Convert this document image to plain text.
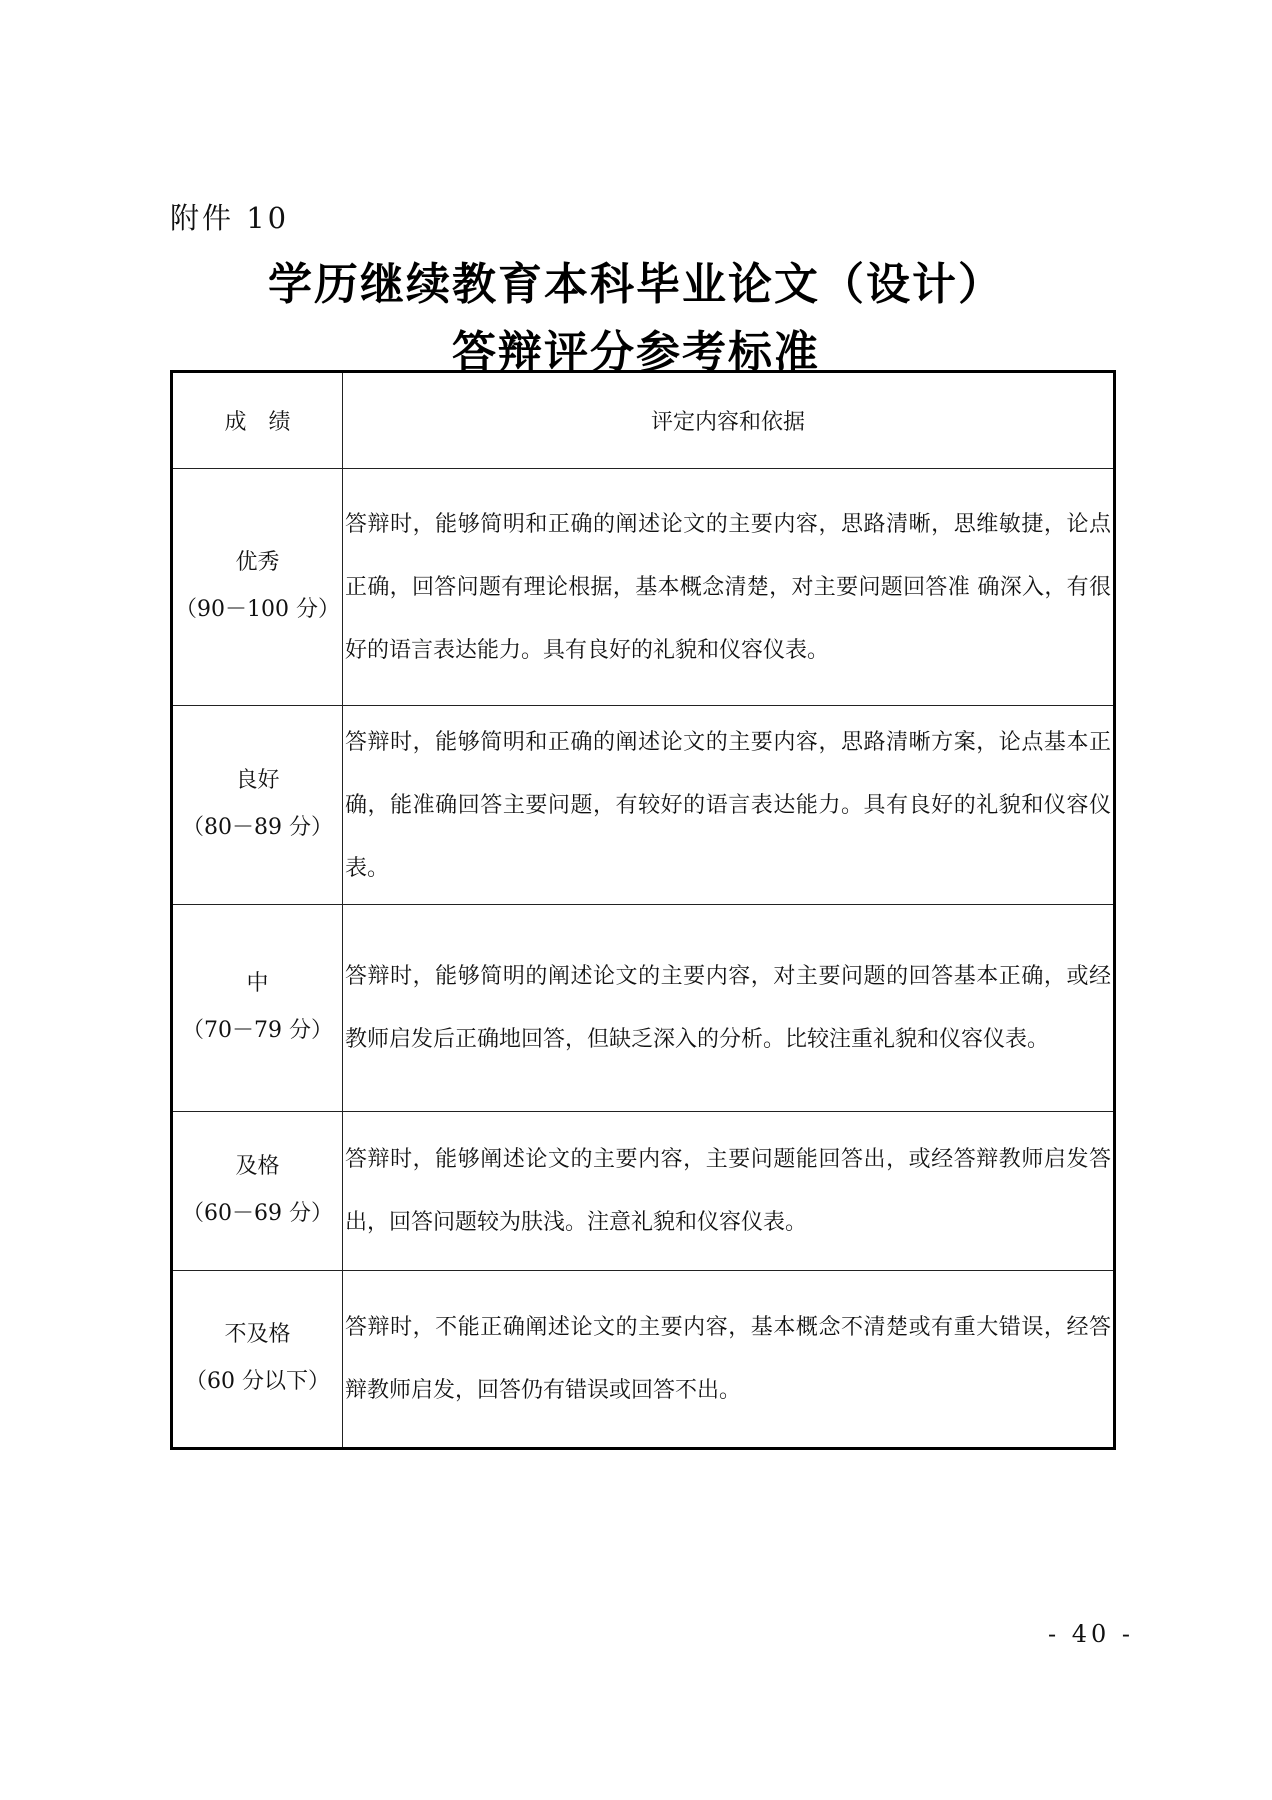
附件 10
学历继续教育本科毕业论文（设计）
答辩评分参考标准
成　绩	评定内容和依据

优秀
（90－100 分）	答辩时，能够简明和正确的阐述论文的主要内容，思路清晰，思维敏捷，论点正确，回答问题有理论根据，基本概念清楚，对主要问题回答准 确深入，有很好的语言表达能力。具有良好的礼貌和仪容仪表。

良好
（80－89 分）	答辩时，能够简明和正确的阐述论文的主要内容，思路清晰方案，论点基本正确，能准确回答主要问题，有较好的语言表达能力。具有良好的礼貌和仪容仪表。

中
（70－79 分）	答辩时，能够简明的阐述论文的主要内容，对主要问题的回答基本正确，或经教师启发后正确地回答，但缺乏深入的分析。比较注重礼貌和仪容仪表。

及格
（60－69 分）	答辩时，能够阐述论文的主要内容，主要问题能回答出，或经答辩教师启发答出，回答问题较为肤浅。注意礼貌和仪容仪表。

不及格
（60 分以下）	答辩时，不能正确阐述论文的主要内容，基本概念不清楚或有重大错误，经答辩教师启发，回答仍有错误或回答不出。
- 40 -
